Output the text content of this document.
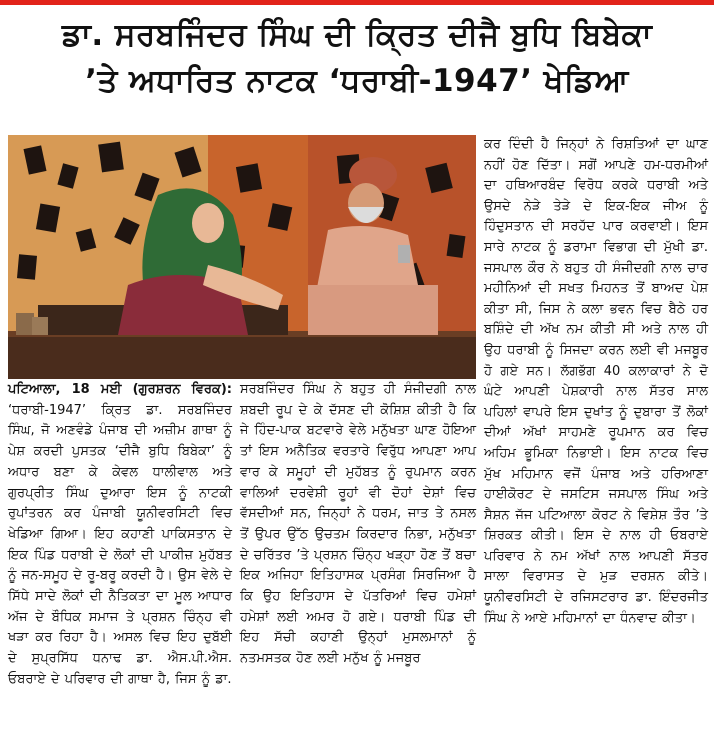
ਡਾ. ਸਰਬਜਿੰਦਰ ਸਿੰਘ ਦੀ ਕ੍ਰਿਤ ਦੀਜੈ ਬੁਧਿ ਬਿਬੇਕਾ
’ਤੇ ਅਧਾਰਿਤ ਨਾਟਕ ‘ਧਰਾਬੀ-1947’ ਖੇਡਿਆ
ਪਟਿਆਲਾ, 18 ਮਈ (ਗੁਰਸ਼ਰਨ ਵਿਰਕ): ‘ਧਰਾਬੀ-1947’ ਕ੍ਰਿਤ ਡਾ. ਸਰਬਜਿੰਦਰ ਸਿੰਘ, ਜੋ ਅਣਵੰਡੇ ਪੰਜਾਬ ਦੀ ਅਜ਼ੀਮ ਗਾਥਾ ਨੂੰ ਪੇਸ਼ ਕਰਦੀ ਪੁਸਤਕ ‘ਦੀਜੈ ਬੁਧਿ ਬਿਬੇਕਾ’ ਨੂੰ ਅਧਾਰ ਬਣਾ ਕੇ ਕੇਵਲ ਧਾਲੀਵਾਲ ਅਤੇ ਗੁਰਪ੍ਰੀਤ ਸਿੰਘ ਦੁਆਰਾ ਇਸ ਨੂੰ ਨਾਟਕੀ ਰੁਪਾਂਤਰਨ ਕਰ ਪੰਜਾਬੀ ਯੂਨੀਵਰਸਿਟੀ ਵਿਚ ਖੇਡਿਆ ਗਿਆ। ਇਹ ਕਹਾਣੀ ਪਾਕਿਸਤਾਨ ਦੇ ਇਕ ਪਿੰਡ ਧਰਾਬੀ ਦੇ ਲੋਕਾਂ ਦੀ ਪਾਕੀਜ਼ ਮੁਹੱਬਤ ਨੂੰ ਜਨ-ਸਮੂਹ ਦੇ ਰੂ-ਬਰੂ ਕਰਦੀ ਹੈ। ਉਸ ਵੇਲੇ ਦੇ ਸਿੱਧੇ ਸਾਦੇ ਲੋਕਾਂ ਦੀ ਨੈਤਿਕਤਾ ਦਾ ਮੂਲ ਆਧਾਰ ਅੱਜ ਦੇ ਬੌਧਿਕ ਸਮਾਜ ਤੇ ਪ੍ਰਸ਼ਨ ਚਿੰਨ੍ਹ ਵੀ ਖੜਾ ਕਰ ਰਿਹਾ ਹੈ। ਅਸਲ ਵਿਚ ਇਹ ਦੁਬੱਈ ਦੇ ਸੁਪ੍ਰਸਿੱਧ ਧਨਾਢ ਡਾ. ਐਸ.ਪੀ.ਐਸ. ਓਬਰਾਏ ਦੇ ਪਰਿਵਾਰ ਦੀ ਗਾਥਾ ਹੈ, ਜਿਸ ਨੂੰ ਡਾ.
ਸਰਬਜਿੰਦਰ ਸਿੰਘ ਨੇ ਬਹੁਤ ਹੀ ਸੰਜੀਦਗੀ ਨਾਲ ਸ਼ਬਦੀ ਰੂਪ ਦੇ ਕੇ ਦੱਸਣ ਦੀ ਕੋਸ਼ਿਸ਼ ਕੀਤੀ ਹੈ ਕਿ ਜੇ ਹਿੰਦ-ਪਾਕ ਬਟਵਾਰੇ ਵੇਲੇ ਮਨੁੱਖਤਾ ਘਾਣ ਹੋਇਆ ਤਾਂ ਇਸ ਅਨੈਤਿਕ ਵਰਤਾਰੇ ਵਿਰੁੱਧ ਆਪਣਾ ਆਪ ਵਾਰ ਕੇ ਸਮੂਹਾਂ ਦੀ ਮੁਹੱਬਤ ਨੂੰ ਰੁਪਮਾਨ ਕਰਨ ਵਾਲਿਆਂ ਦਰਵੇਸ਼ੀ ਰੂਹਾਂ ਵੀ ਦੋਹਾਂ ਦੇਸ਼ਾਂ ਵਿਚ ਵੱਸਦੀਆਂ ਸਨ, ਜਿਨ੍ਹਾਂ ਨੇ ਧਰਮ, ਜਾਤ ਤੇ ਨਸਲ ਤੋਂ ਉਪਰ ਉੱਠ ਉਚਤਮ ਕਿਰਦਾਰ ਨਿਭਾ, ਮਨੁੱਖਤਾ ਦੇ ਚਰਿੱਤਰ ’ਤੇ ਪ੍ਰਸ਼ਨ ਚਿੰਨ੍ਹ ਖੜ੍ਹਾ ਹੋਣ ਤੋਂ ਬਚਾ ਇਕ ਅਜਿਹਾ ਇਤਿਹਾਸਕ ਪ੍ਰਸੰਗ ਸਿਰਜਿਆ ਹੈ ਕਿ ਉਹ ਇਤਿਹਾਸ ਦੇ ਪੱਤਰਿਆਂ ਵਿਚ ਹਮੇਸ਼ਾਂ ਹਮੇਸ਼ਾਂ ਲਈ ਅਮਰ ਹੋ ਗਏ। ਧਰਾਬੀ ਪਿੰਡ ਦੀ ਇਹ ਸੱਚੀ ਕਹਾਣੀ ਉਨ੍ਹਾਂ ਮੁਸਲਮਾਨਾਂ ਨੂੰ ਨਤਮਸਤਕ ਹੋਣ ਲਈ ਮਨੁੱਖ ਨੂੰ ਮਜਬੂਰ
ਕਰ ਦਿੰਦੀ ਹੈ ਜਿਨ੍ਹਾਂ ਨੇ ਰਿਸ਼ਤਿਆਂ ਦਾ ਘਾਣ ਨਹੀਂ ਹੋਣ ਦਿੱਤਾ। ਸਗੋਂ ਆਪਣੇ ਹਮ-ਧਰਮੀਆਂ ਦਾ ਹਥਿਆਰਬੰਦ ਵਿਰੋਧ ਕਰਕੇ ਧਰਾਬੀ ਅਤੇ ਉਸਦੇ ਨੇੜੇ ਤੇੜੇ ਦੇ ਇਕ-ਇਕ ਜੀਅ ਨੂੰ ਹਿੰਦੁਸਤਾਨ ਦੀ ਸਰਹੱਦ ਪਾਰ ਕਰਵਾਈ। ਇਸ ਸਾਰੇ ਨਾਟਕ ਨੂੰ ਡਰਾਮਾ ਵਿਭਾਗ ਦੀ ਮੁੱਖੀ ਡਾ. ਜਸਪਾਲ ਕੌਰ ਨੇ ਬਹੁਤ ਹੀ ਸੰਜੀਦਗੀ ਨਾਲ ਚਾਰ ਮਹੀਨਿਆਂ ਦੀ ਸਖਤ ਮਿਹਨਤ ਤੋਂ ਬਾਅਦ ਪੇਸ਼ ਕੀਤਾ ਸੀ, ਜਿਸ ਨੇ ਕਲਾ ਭਵਨ ਵਿਚ ਬੈਠੇ ਹਰ ਬਸ਼ਿੰਦੇ ਦੀ ਅੱਖ ਨਮ ਕੀਤੀ ਸੀ ਅਤੇ ਨਾਲ ਹੀ ਉਹ ਧਰਾਬੀ ਨੂੰ ਸਿਜਦਾ ਕਰਨ ਲਈ ਵੀ ਮਜਬੂਰ ਹੋ ਗਏ ਸਨ। ਲੱਗਭੱਗ 40 ਕਲਾਕਾਰਾਂ ਨੇ ਦੋ ਘੰਟੇ ਆਪਣੀ ਪੇਸ਼ਕਾਰੀ ਨਾਲ ਸੱਤਰ ਸਾਲ ਪਹਿਲਾਂ ਵਾਪਰੇ ਇਸ ਦੁਖਾਂਤ ਨੂੰ ਦੁਬਾਰਾ ਤੋਂ ਲੋਕਾਂ ਦੀਆਂ ਅੱਖਾਂ ਸਾਹਮਣੇ ਰੂਪਮਾਨ ਕਰ ਵਿਚ ਅਹਿਮ ਭੂਮਿਕਾ ਨਿਭਾਈ। ਇਸ ਨਾਟਕ ਵਿਚ ਮੁੱਖ ਮਹਿਮਾਨ ਵਜੋਂ ਪੰਜਾਬ ਅਤੇ ਹਰਿਆਣਾ ਹਾਈਕੋਰਟ ਦੇ ਜਸਟਿਸ ਜਸਪਾਲ ਸਿੰਘ ਅਤੇ ਸੈਸ਼ਨ ਜੱਜ ਪਟਿਆਲਾ ਕੋਰਟ ਨੇ ਵਿਸ਼ੇਸ਼ ਤੌਰ ’ਤੇ ਸ਼ਿਰਕਤ ਕੀਤੀ। ਇਸ ਦੇ ਨਾਲ ਹੀ ਓਬਰਾਏ ਪਰਿਵਾਰ ਨੇ ਨਮ ਅੱਖਾਂ ਨਾਲ ਆਪਣੀ ਸੱਤਰ ਸਾਲਾ ਵਿਰਾਸਤ ਦੇ ਮੁੜ ਦਰਸ਼ਨ ਕੀਤੇ। ਯੂਨੀਵਰਸਿਟੀ ਦੇ ਰਜਿਸਟਰਾਰ ਡਾ. ਇੰਦਰਜੀਤ ਸਿੰਘ ਨੇ ਆਏ ਮਹਿਮਾਨਾਂ ਦਾ ਧੰਨਵਾਦ ਕੀਤਾ।
